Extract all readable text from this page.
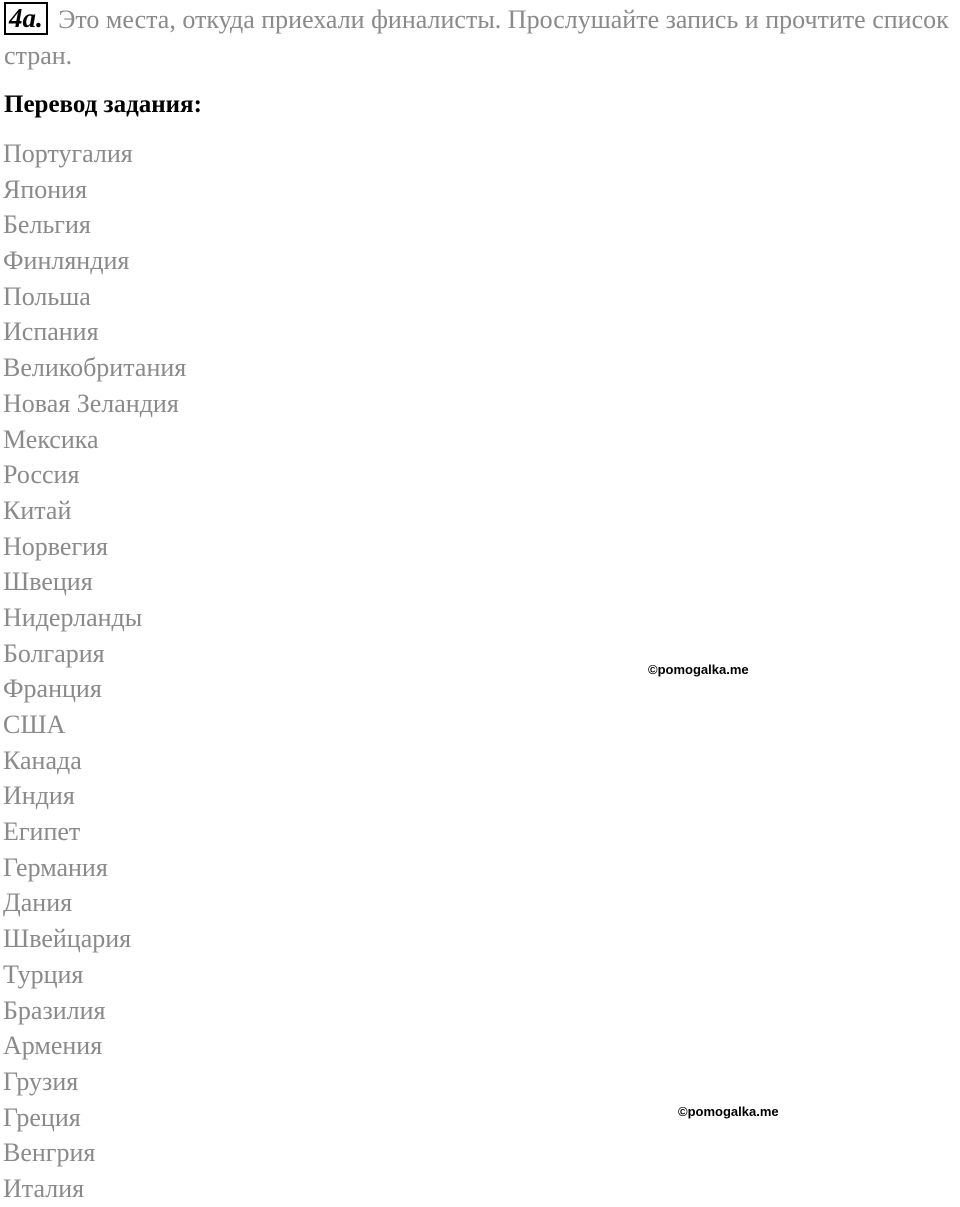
4a. Это места, откуда приехали финалисты. Прослушайте запись и прочтите список стран.

Перевод задания:
Португалия
Япония
Бельгия
Финляндия
Польша
Испания
Великобритания
Новая Зеландия
Мексика
Россия
Китай
Норвегия
Швеция
Нидерланды
Болгария
Франция
США
Канада
Индия
Египет
Германия
Дания
Швейцария
Турция
Бразилия
Армения
Грузия
Греция
Венгрия
Италия
©pomogalka.me
©pomogalka.me
